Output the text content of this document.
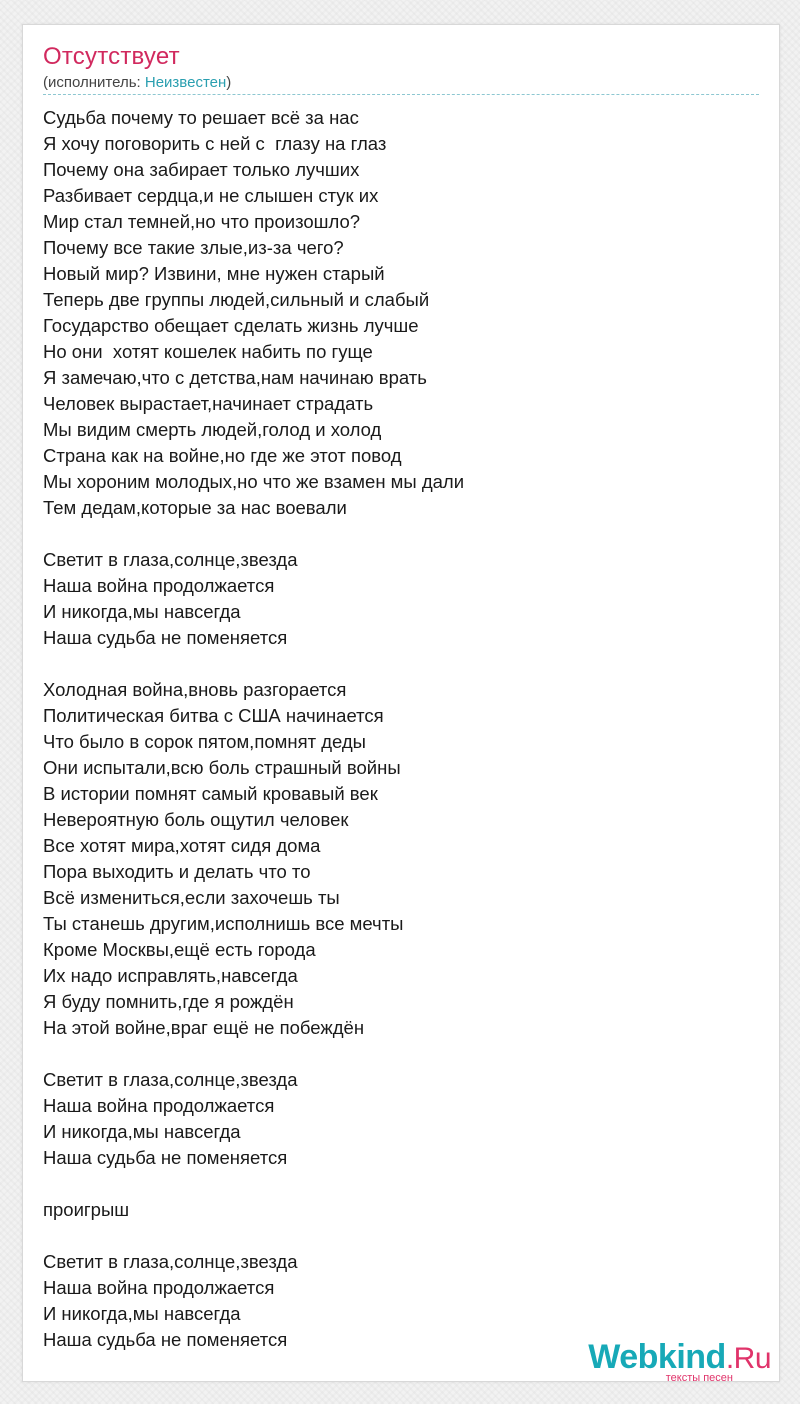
Отсутствует
(исполнитель: Неизвестен)
Судьба почему то решает всё за нас
Я хочу поговорить с ней с  глазу на глаз
Почему она забирает только лучших
Разбивает сердца,и не слышен стук их
Мир стал темней,но что произошло?
Почему все такие злые,из-за чего?
Новый мир? Извини, мне нужен старый
Теперь две группы людей,сильный и слабый
Государство обещает сделать жизнь лучше
Но они  хотят кошелек набить по гуще
Я замечаю,что с детства,нам начинаю врать
Человек вырастает,начинает страдать
Мы видим смерть людей,голод и холод
Страна как на войне,но где же этот повод
Мы хороним молодых,но что же взамен мы дали
Тем дедам,которые за нас воевали
Светит в глаза,солнце,звезда
Наша война продолжается
И никогда,мы навсегда
Наша судьба не поменяется
Холодная война,вновь разгорается
Политическая битва с США начинается
Что было в сорок пятом,помнят деды
Они испытали,всю боль страшный войны
В истории помнят самый кровавый век
Невероятную боль ощутил человек
Все хотят мира,хотят сидя дома
Пора выходить и делать что то
Всё измениться,если захочешь ты
Ты станешь другим,исполнишь все мечты
Кроме Москвы,ещё есть города
Их надо исправлять,навсегда
Я буду помнить,где я рождён
На этой войне,враг ещё не побеждён
Светит в глаза,солнце,звезда
Наша война продолжается
И никогда,мы навсегда
Наша судьба не поменяется
проигрыш
Светит в глаза,солнце,звезда
Наша война продолжается
И никогда,мы навсегда
Наша судьба не поменяется	Webkind.Ru
тексты песен
